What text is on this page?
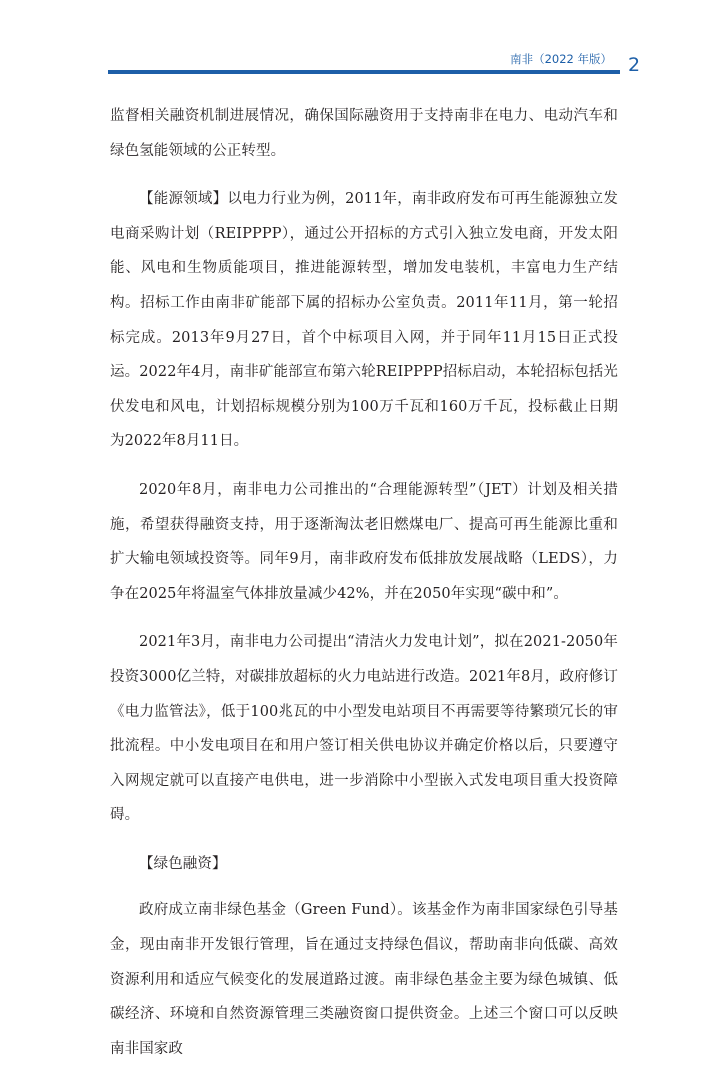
南非（2022 年版） 2

监督相关融资机制进展情况，确保国际融资用于支持南非在电力、电动汽车和绿色氢能领域的公正转型。

【能源领域】以电力行业为例，2011年，南非政府发布可再生能源独立发电商采购计划（REIPPPP），通过公开招标的方式引入独立发电商，开发太阳能、风电和生物质能项目，推进能源转型，增加发电装机，丰富电力生产结构。招标工作由南非矿能部下属的招标办公室负责。2011年11月，第一轮招标完成。2013年9月27日，首个中标项目入网，并于同年11月15日正式投运。2022年4月，南非矿能部宣布第六轮REIPPPP招标启动，本轮招标包括光伏发电和风电，计划招标规模分别为100万千瓦和160万千瓦，投标截止日期为2022年8月11日。

2020年8月，南非电力公司推出的“合理能源转型”（JET）计划及相关措施，希望获得融资支持，用于逐渐淘汰老旧燃煤电厂、提高可再生能源比重和扩大输电领域投资等。同年9月，南非政府发布低排放发展战略（LEDS），力争在2025年将温室气体排放量减少42%，并在2050年实现“碳中和”。

2021年3月，南非电力公司提出“清洁火力发电计划”，拟在2021-2050年投资3000亿兰特，对碳排放超标的火力电站进行改造。2021年8月，政府修订《电力监管法》，低于100兆瓦的中小型发电站项目不再需要等待繁琐冗长的审批流程。中小发电项目在和用户签订相关供电协议并确定价格以后，只要遵守入网规定就可以直接产电供电，进一步消除中小型嵌入式发电项目重大投资障碍。

【绿色融资】

政府成立南非绿色基金（Green Fund）。该基金作为南非国家绿色引导基金，现由南非开发银行管理，旨在通过支持绿色倡议，帮助南非向低碳、高效资源利用和适应气候变化的发展道路过渡。南非绿色基金主要为绿色城镇、低碳经济、环境和自然资源管理三类融资窗口提供资金。上述三个窗口可以反映南非国家政
